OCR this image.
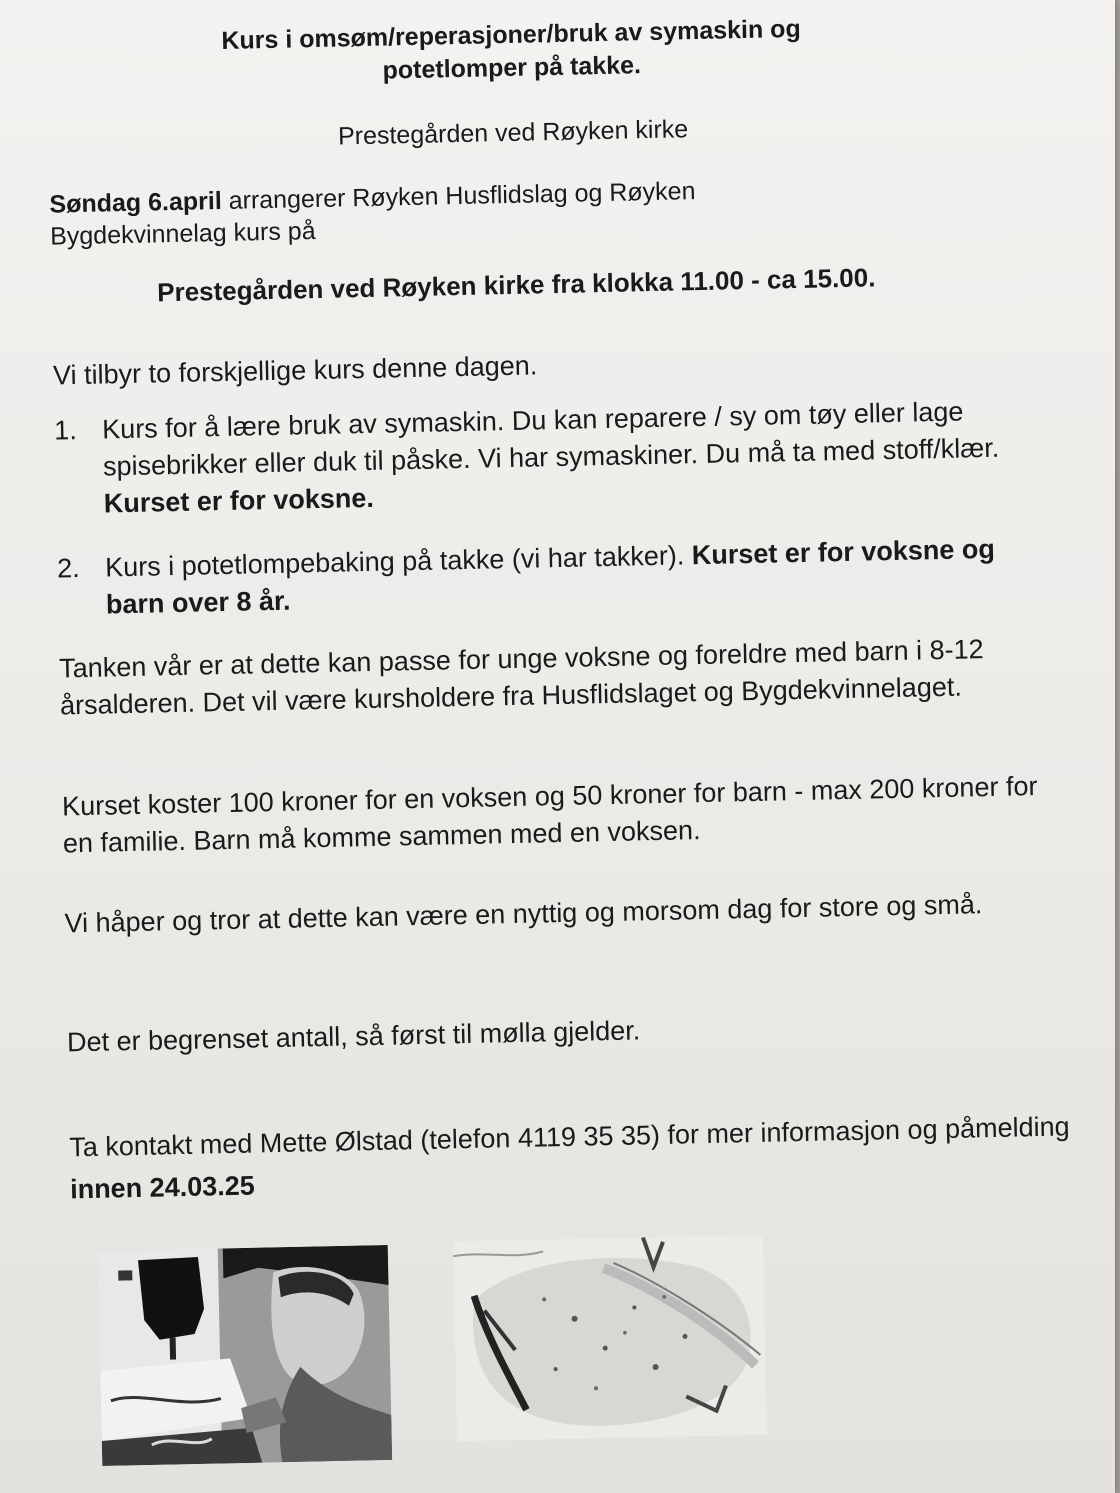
Kurs i omsøm/reperasjoner/bruk av symaskin og
potetlomper på takke.
Prestegården ved Røyken kirke
Søndag 6.april arrangerer Røyken Husflidslag og Røyken Bygdekvinnelag kurs på
Prestegården ved Røyken kirke fra klokka 11.00 - ca 15.00.
Vi tilbyr to forskjellige kurs denne dagen.
1. Kurs for å lære bruk av symaskin. Du kan reparere / sy om tøy eller lage spisebrikker eller duk til påske. Vi har symaskiner. Du må ta med stoff/klær. Kurset er for voksne.
2. Kurs i potetlompebaking på takke (vi har takker). Kurset er for voksne og barn over 8 år.
Tanken vår er at dette kan passe for unge voksne og foreldre med barn i 8-12 årsalderen. Det vil være kursholdere fra Husflidslaget og Bygdekvinnelaget.
Kurset koster 100 kroner for en voksen og 50 kroner for barn - max 200 kroner for en familie. Barn må komme sammen med en voksen.
Vi håper og tror at dette kan være en nyttig og morsom dag for store og små.
Det er begrenset antall, så først til mølla gjelder.
Ta kontakt med Mette Ølstad (telefon 4119 35 35) for mer informasjon og påmelding innen 24.03.25
